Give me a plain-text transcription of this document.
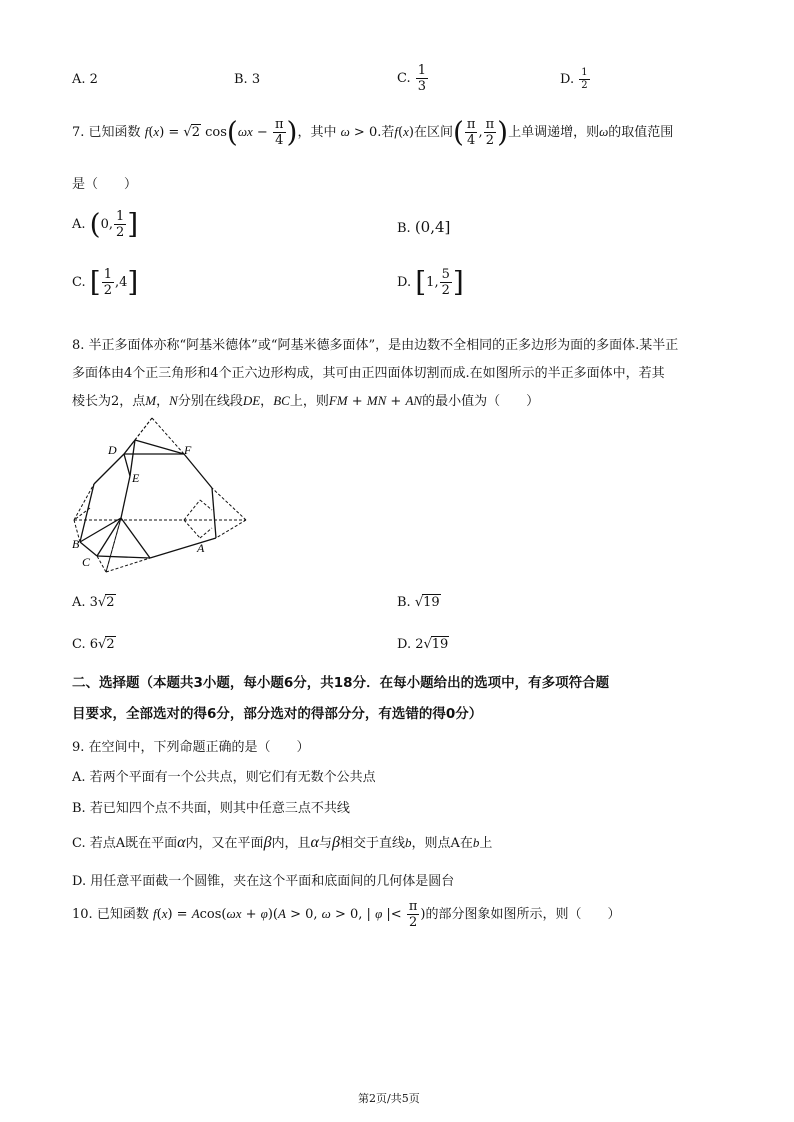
A. 2	B. 3	C. $\frac{1}{3}$	D. $\frac{1}{2}$
7. 已知函数 f(x) = √2 $\cos(\omega x - \frac{\pi}{4}$ )，其中 ω > 0.若f(x)在区间( $\frac{\pi}{4}$ , $\frac{\pi}{2}$ )上单调递增，则ω的取值范围
是（　　）
A. (0, $\frac{1}{2}$ ]	B. (0,4]
C. [ $\frac{1}{2} ,4$]	D. [1, $\frac{5}{2}$ ]
8. 半正多面体亦称“阿基米德体”或“阿基米德多面体”，是由边数不全相同的正多边形为面的多面体.某半正
多面体由4个正三角形和4个正六边形构成，其可由正四面体切割而成.在如图所示的半正多面体中，若其
棱长为2，点M，N分别在线段DE，BC上，则FM + MN + AN的最小值为（　　）
D	F
E
B
C
A
A. 3√2	B. √19
C. 6√2	D. 2√19
二、选择题（本题共3小题，每小题6分，共18分．在每小题给出的选项中，有多项符合题
目要求，全部选对的得6分，部分选对的得部分分，有选错的得0分）
9. 在空间中，下列命题正确的是（　　）
A. 若两个平面有一个公共点，则它们有无数个公共点
B. 若已知四个点不共面，则其中任意三点不共线
C. 若点A既在平面α内，又在平面β内，且α与β相交于直线b，则点A在b上
D. 用任意平面截一个圆锥，夹在这个平面和底面间的几何体是圆台
10. 已知函数 f(x) = Acos(ωx + φ)(A > 0, ω > 0, | φ |< $\frac{\pi}{2}$ )的部分图象如图所示，则（　　）
第2页/共5页
